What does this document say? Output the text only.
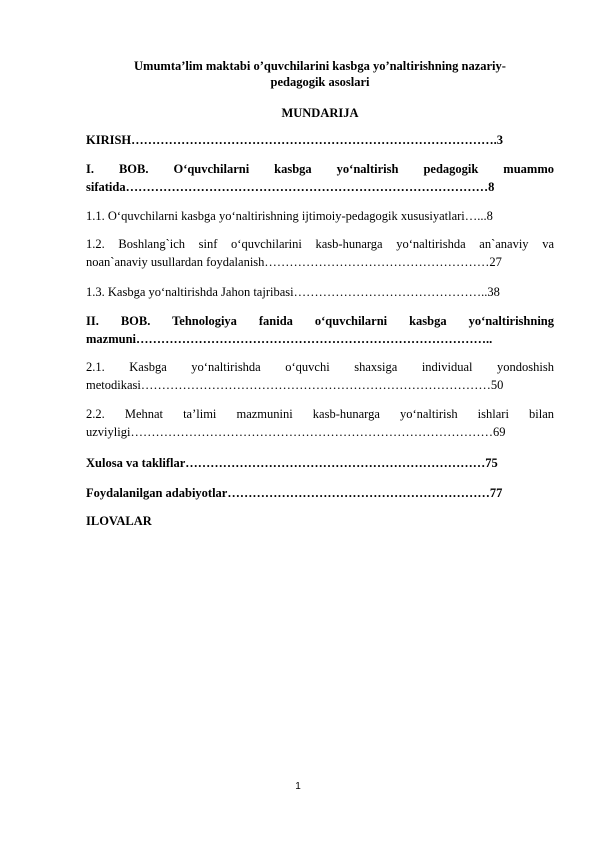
Umumta’lim maktabi o’quvchilarini kasbga yo’naltirishning nazariy-
pedagogik asoslari
MUNDARIJA
KIRISH…………………………………………………………………………….3
I. BOB. O‘quvchilarni kasbga yo‘naltirish pedagogik muammo
sifatida……………………………………………………………………………8
1.1. O‘quvchilarni kasbga yo‘naltirishning ijtimoiy-pedagogik xususiyatlari…...8
1.2. Boshlang`ich sinf o‘quvchilarini kasb-hunarga yo‘naltirishda an`anaviy va
noan`anaviy usullardan foydalanish………………………………………………27
1.3. Kasbga yo‘naltirishda Jahon tajribasi………………………………………..38
II. BOB. Tehnologiya fanida o‘quvchilarni kasbga yo‘naltirishning
mazmuni…………………………………………………………………………..
2.1. Kasbga yo‘naltirishda o‘quvchi shaxsiga individual yondoshish
metodikasi…………………………………………………………………………50
2.2. Mehnat ta’limi mazmunini kasb-hunarga yo‘naltirish ishlari bilan
uzviyligi……………………………………………………………………………69
Xulosa va takliflar………………………………………………………………75
Foydalanilgan adabiyotlar………………………………………………………77
ILOVALAR
1
